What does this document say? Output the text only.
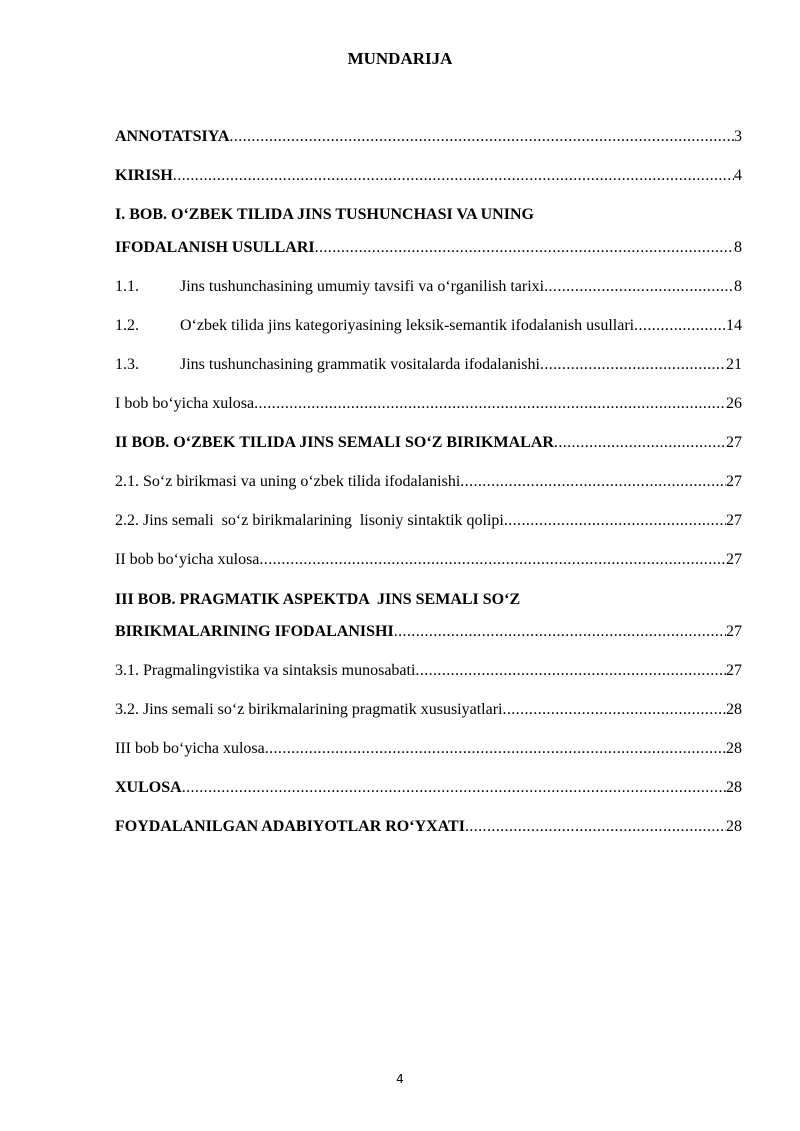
MUNDARIJA
ANNOTATSIYA .....	3
KIRISH .....	4
I. BOB. O‘ZBEK TILIDA JINS TUSHUNCHASI VA UNING
IFODALANISH USULLARI .....	8
1.1.	Jins tushunchasining umumiy tavsifi va o‘rganilish tarixi .....	8
1.2.	O‘zbek tilida jins kategoriyasining leksik-semantik ifodalanish usullari .....	14
1.3.	Jins tushunchasining grammatik vositalarda ifodalanishi .....	21
I bob bo‘yicha xulosa .....	26
II BOB. O‘ZBEK TILIDA JINS SEMALI SO‘Z BIRIKMALAR .....	27
2.1. So‘z birikmasi va uning o‘zbek tilida ifodalanishi .....	27
2.2. Jins semali  so‘z birikmalarining  lisoniy sintaktik qolipi .....	27
II bob bo‘yicha xulosa .....	27
III BOB. PRAGMATIK ASPEKTDA  JINS SEMALI SO‘Z
BIRIKMALARINING IFODALANISHI .....	27
3.1. Pragmalingvistika va sintaksis munosabati .....	27
3.2. Jins semali so‘z birikmalarining pragmatik xususiyatlari .....	28
III bob bo‘yicha xulosa .....	28
XULOSA .....	28
FOYDALANILGAN ADABIYOTLAR RO‘YXATI .....	28
4
